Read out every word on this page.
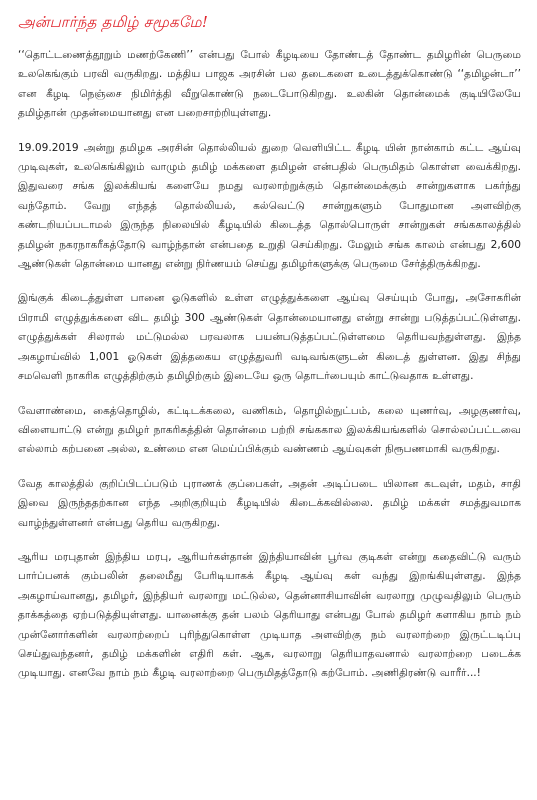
அன்பார்ந்த தமிழ் சமூகமே!

‘‘தொட்டணைத்தூறும் மணற்கேணி’’ என்பது போல் கீழடியை தோண்டத் தோண்ட தமிழரின் பெருமை உலகெங்கும் பரவி வருகிறது. மத்திய பாஜக அரசின் பல தடைகளை உடைத்துக்கொண்டு ‘‘தமிழன்டா’’ என கீழடி நெஞ்சை நிமிர்த்தி வீறுகொண்டு நடைபோடுகிறது. உலகின் தொன்மைக் குடியிலேயே தமிழ்தான் முதன்மையானது என பறைசாற்றியுள்ளது.

19.09.2019 அன்று தமிழக அரசின் தொல்லியல் துறை வெளியிட்ட கீழடி யின் நான்காம் கட்ட ஆய்வு முடிவுகள், உலகெங்கிலும் வாழும் தமிழ் மக்களை தமிழன் என்பதில் பெருமிதம் கொள்ள வைக்கிறது. இதுவரை சங்க இலக்கியங் களையே நமது வரலாற்றுக்கும் தொன்மைக்கும் சான்றுகளாக பகர்ந்து வந்தோம். வேறு எந்தத் தொல்லியல், கல்வெட்டு சான்றுகளும் போதுமான அளவிற்கு கண்டறியப்படாமல் இருந்த நிலையில் கீழடியில் கிடைத்த தொல்பொருள் சான்றுகள் சங்ககாலத்தில் தமிழன் நகரநாகரீகத்தோடு வாழ்ந்தான் என்பதை உறுதி செய்கிறது. மேலும் சங்க காலம் என்பது 2,600 ஆண்டுகள் தொன்மை யானது என்று நிர்ணயம் செய்து தமிழர்களுக்கு பெருமை சேர்த்திருக்கிறது.

இங்குக் கிடைத்துள்ள பானை ஓடுகளில் உள்ள எழுத்துக்களை ஆய்வு செய்யும் போது, அசோகரின் பிராமி எழுத்துக்களை விட தமிழ் 300 ஆண்டுகள் தொன்மையானது என்று சான்று படுத்தப்பட்டுள்ளது. எழுத்துக்கள் சிலரால் மட்டுமல்ல பரவலாக பயன்படுத்தப்பட்டுள்ளமை தெரியவந்துள்ளது. இந்த அகழாய்வில் 1,001 ஓடுகள் இத்தகைய எழுத்துவரி வடிவங்களுடன் கிடைத் துள்ளன. இது சிந்து சமவெளி நாகரிக எழுத்திற்கும் தமிழிற்கும் இடையே ஒரு தொடர்பையும் காட்டுவதாக உள்ளது.

வேளாண்மை, கைத்தொழில், கட்டிடக்கலை, வணிகம், தொழில்நுட்பம், கலை யுணர்வு, அழகுணர்வு, விளையாட்டு என்று தமிழர் நாகரிகத்தின் தொன்மை பற்றி சங்ககால இலக்கியங்களில் சொல்லப்பட்டவை எல்லாம் கற்பனை அல்ல, உண்மை என மெய்ப்பிக்கும் வண்ணம் ஆய்வுகள் நிரூபணமாகி வருகிறது.

வேத காலத்தில் குறிப்பிடப்படும் புராணக் குப்பைகள், அதன் அடிப்படை யிலான கடவுள், மதம், சாதி இவை இருந்ததற்கான எந்த அறிகுறியும் கீழடியில் கிடைக்கவில்லை. தமிழ் மக்கள் சமத்துவமாக வாழ்ந்துள்ளனர் என்பது தெரிய வருகிறது.

ஆரிய மரபுதான் இந்திய மரபு, ஆரியர்கள்தான் இந்தியாவின் பூர்வ குடிகள் என்று கதைவிட்டு வரும் பார்ப்பனக் கும்பலின் தலைமீது பேரிடியாகக் கீழடி ஆய்வு கள் வந்து இறங்கியுள்ளது. இந்த அகழாய்வானது, தமிழர், இந்தியர் வரலாறு மட்டுல்ல, தென்னாசியாவின் வரலாறு முழுவதிலும் பெரும் தாக்கத்தை ஏற்படுத்தியுள்ளது. யானைக்கு தன் பலம் தெரியாது என்பது போல் தமிழர் களாகிய நாம் நம் முன்னோர்களின் வரலாற்றைப் புரிந்துகொள்ள முடியாத அளவிற்கு நம் வரலாற்றை இருட்டடிப்பு செய்துவந்தனர், தமிழ் மக்களின் எதிரி கள். ஆக, வரலாறு தெரியாதவனால் வரலாற்றை படைக்க முடியாது. எனவே நாம் நம் கீழடி வரலாற்றை பெருமிதத்தோடு கற்போம். அணிதிரண்டு வாரீர்...!
